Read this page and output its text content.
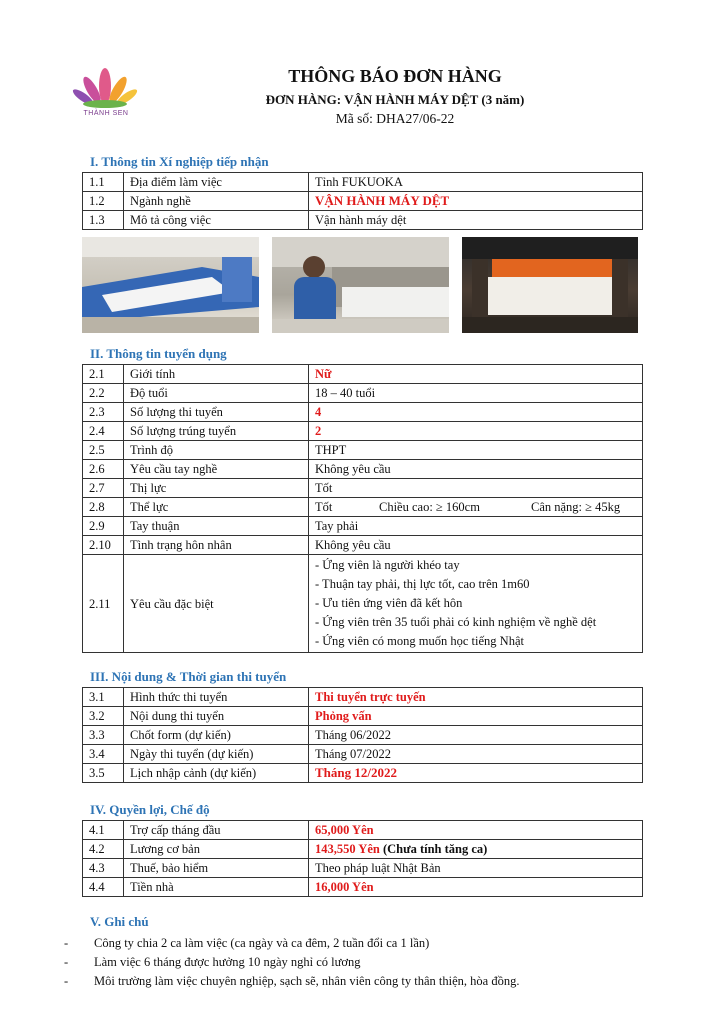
THÀNH SEN
THÔNG BÁO ĐƠN HÀNG
ĐƠN HÀNG: VẬN HÀNH MÁY DỆT (3 năm)
Mã số: DHA27/06-22
I. Thông tin Xí nghiệp tiếp nhận
1.1	Địa điểm làm việc	Tỉnh FUKUOKA
1.2	Ngành nghề	VẬN HÀNH MÁY DỆT
1.3	Mô tả công việc	Vận hành máy dệt
II. Thông tin tuyển dụng
2.1	Giới tính	Nữ
2.2	Độ tuổi	18 – 40 tuổi
2.3	Số lượng thi tuyển	4
2.4	Số lượng trúng tuyển	2
2.5	Trình độ	THPT
2.6	Yêu cầu tay nghề	Không yêu cầu
2.7	Thị lực	Tốt
2.8	Thể lực	Tốt Chiều cao: ≥ 160cm Cân nặng: ≥ 45kg
2.9	Tay thuận	Tay phải
2.10	Tình trạng hôn nhân	Không yêu cầu
2.11	Yêu cầu đặc biệt	- Ứng viên là người khéo tay
- Thuận tay phải, thị lực tốt, cao trên 1m60
- Ưu tiên ứng viên đã kết hôn
- Ứng viên trên 35 tuổi phải có kinh nghiệm về nghề dệt
- Ứng viên có mong muốn học tiếng Nhật
III. Nội dung & Thời gian thi tuyển
3.1	Hình thức thi tuyển	Thi tuyển trực tuyến
3.2	Nội dung thi tuyển	Phỏng vấn
3.3	Chốt form (dự kiến)	Tháng 06/2022
3.4	Ngày thi tuyển (dự kiến)	Tháng 07/2022
3.5	Lịch nhập cảnh (dự kiến)	Tháng 12/2022
IV. Quyền lợi, Chế độ
4.1	Trợ cấp tháng đầu	65,000 Yên
4.2	Lương cơ bản	143,550 Yên (Chưa tính tăng ca)
4.3	Thuế, bảo hiểm	Theo pháp luật Nhật Bản
4.4	Tiền nhà	16,000 Yên
V. Ghi chú
- Công ty chia 2 ca làm việc (ca ngày và ca đêm, 2 tuần đổi ca 1 lần)
- Làm việc 6 tháng được hưởng 10 ngày nghỉ có lương
- Môi trường làm việc chuyên nghiệp, sạch sẽ, nhân viên công ty thân thiện, hòa đồng.
